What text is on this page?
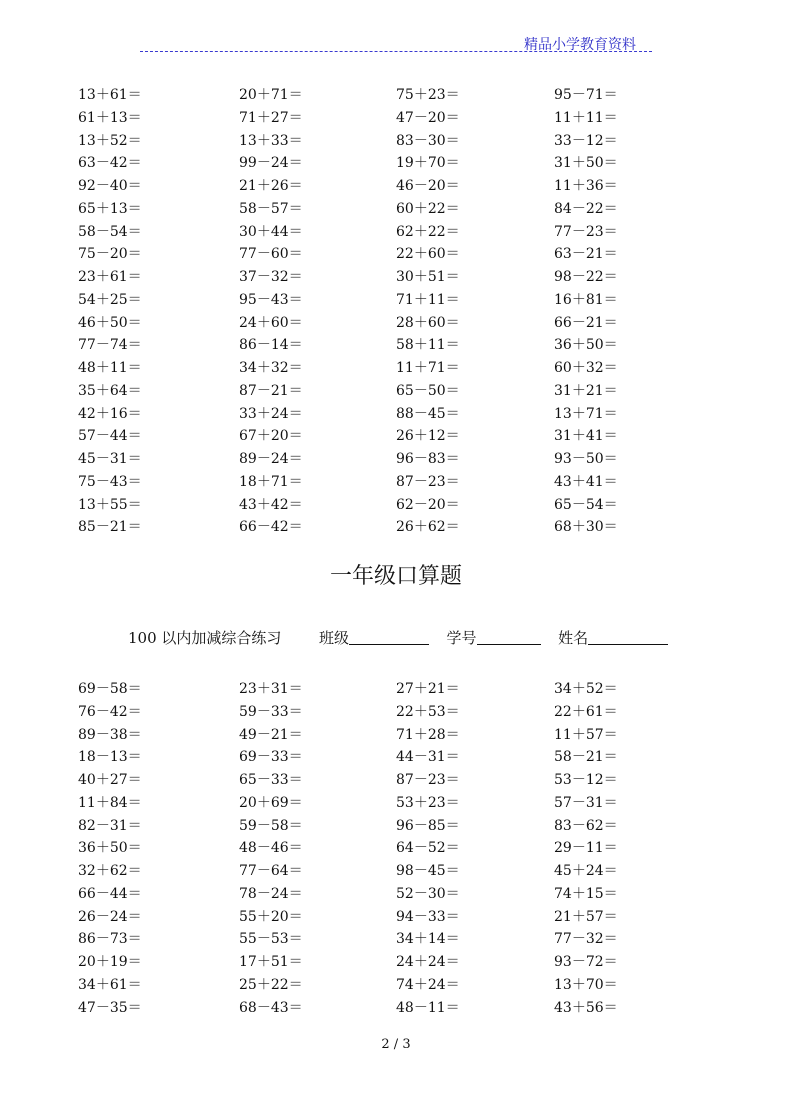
精品小学教育资料
13＋61＝	20＋71＝	75＋23＝	95－71＝
61＋13＝	71＋27＝	47－20＝	11＋11＝
13＋52＝	13＋33＝	83－30＝	33－12＝
63－42＝	99－24＝	19＋70＝	31＋50＝
92－40＝	21＋26＝	46－20＝	11＋36＝
65＋13＝	58－57＝	60＋22＝	84－22＝
58－54＝	30＋44＝	62＋22＝	77－23＝
75－20＝	77－60＝	22＋60＝	63－21＝
23＋61＝	37－32＝	30＋51＝	98－22＝
54＋25＝	95－43＝	71＋11＝	16＋81＝
46＋50＝	24＋60＝	28＋60＝	66－21＝
77－74＝	86－14＝	58＋11＝	36＋50＝
48＋11＝	34＋32＝	11＋71＝	60＋32＝
35＋64＝	87－21＝	65－50＝	31＋21＝
42＋16＝	33＋24＝	88－45＝	13＋71＝
57－44＝	67＋20＝	26＋12＝	31＋41＝
45－31＝	89－24＝	96－83＝	93－50＝
75－43＝	18＋71＝	87－23＝	43＋41＝
13＋55＝	43＋42＝	62－20＝	65－54＝
85－21＝	66－42＝	26＋62＝	68＋30＝
一年级口算题
100 以内加减综合练习	班级	学号	姓名
69－58＝	23＋31＝	27＋21＝	34＋52＝
76－42＝	59－33＝	22＋53＝	22＋61＝
89－38＝	49－21＝	71＋28＝	11＋57＝
18－13＝	69－33＝	44－31＝	58－21＝
40＋27＝	65－33＝	87－23＝	53－12＝
11＋84＝	20＋69＝	53＋23＝	57－31＝
82－31＝	59－58＝	96－85＝	83－62＝
36＋50＝	48－46＝	64－52＝	29－11＝
32＋62＝	77－64＝	98－45＝	45＋24＝
66－44＝	78－24＝	52－30＝	74＋15＝
26－24＝	55＋20＝	94－33＝	21＋57＝
86－73＝	55－53＝	34＋14＝	77－32＝
20＋19＝	17＋51＝	24＋24＝	93－72＝
34＋61＝	25＋22＝	74＋24＝	13＋70＝
47－35＝	68－43＝	48－11＝	43＋56＝
2 / 3
